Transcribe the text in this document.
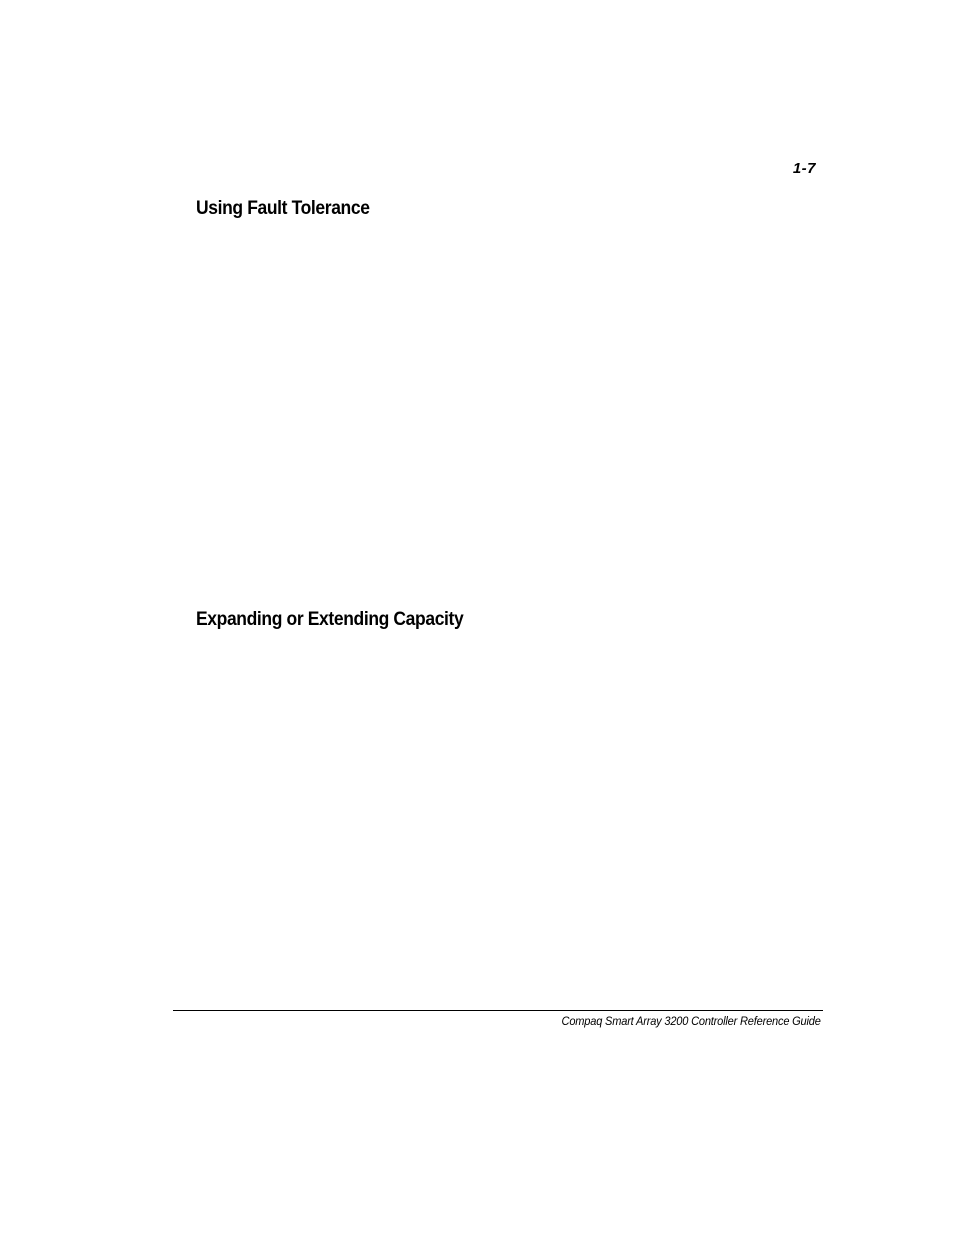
1-7
Using Fault Tolerance
Expanding or Extending Capacity
Compaq Smart Array 3200 Controller Reference Guide
